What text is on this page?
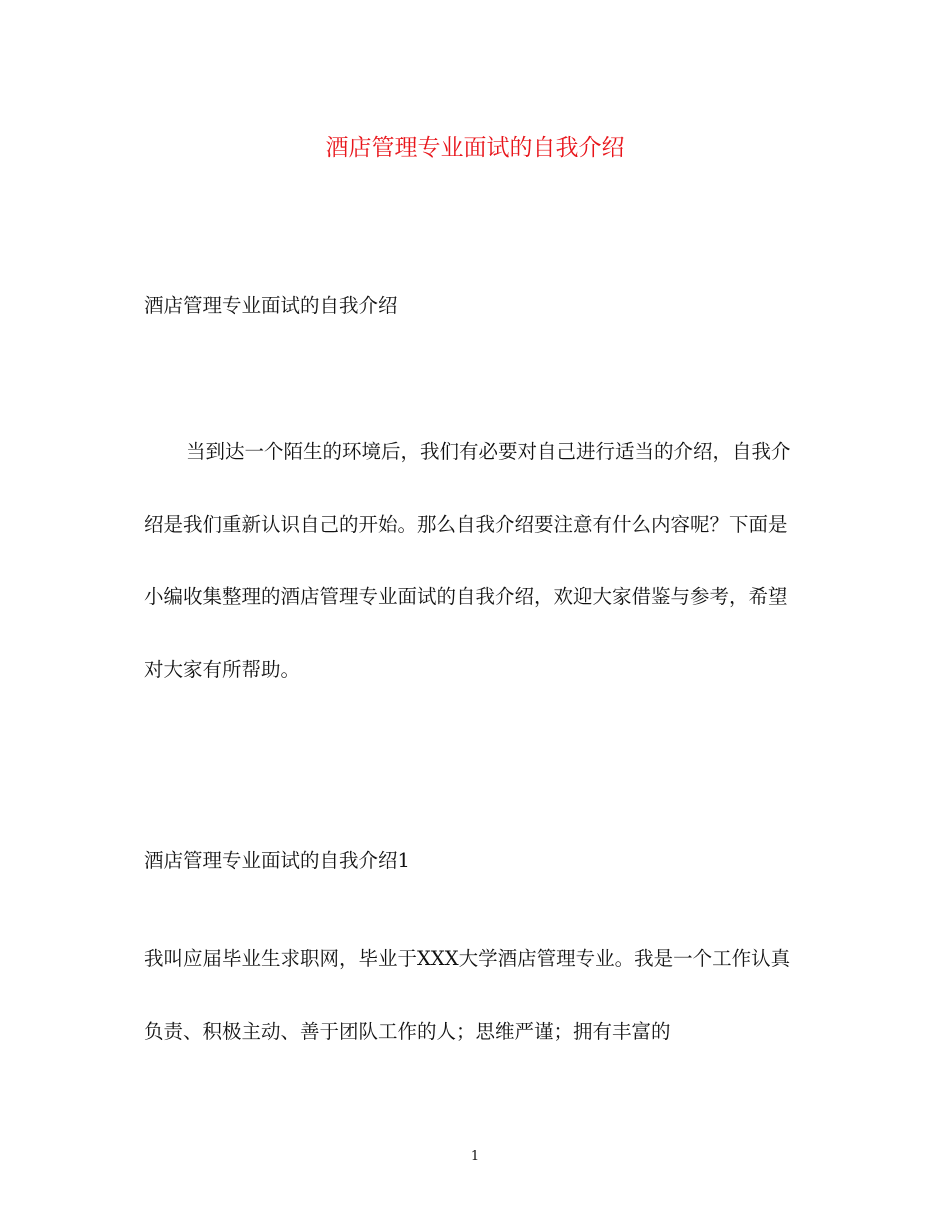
酒店管理专业面试的自我介绍
酒店管理专业面试的自我介绍
当到达一个陌生的环境后，我们有必要对自己进行适当的介绍，自我介绍是我们重新认识自己的开始。那么自我介绍要注意有什么内容呢？下面是小编收集整理的酒店管理专业面试的自我介绍，欢迎大家借鉴与参考，希望对大家有所帮助。
酒店管理专业面试的自我介绍1
我叫应届毕业生求职网，毕业于XXX大学酒店管理专业。我是一个工作认真负责、积极主动、善于团队工作的人；思维严谨；拥有丰富的
1
